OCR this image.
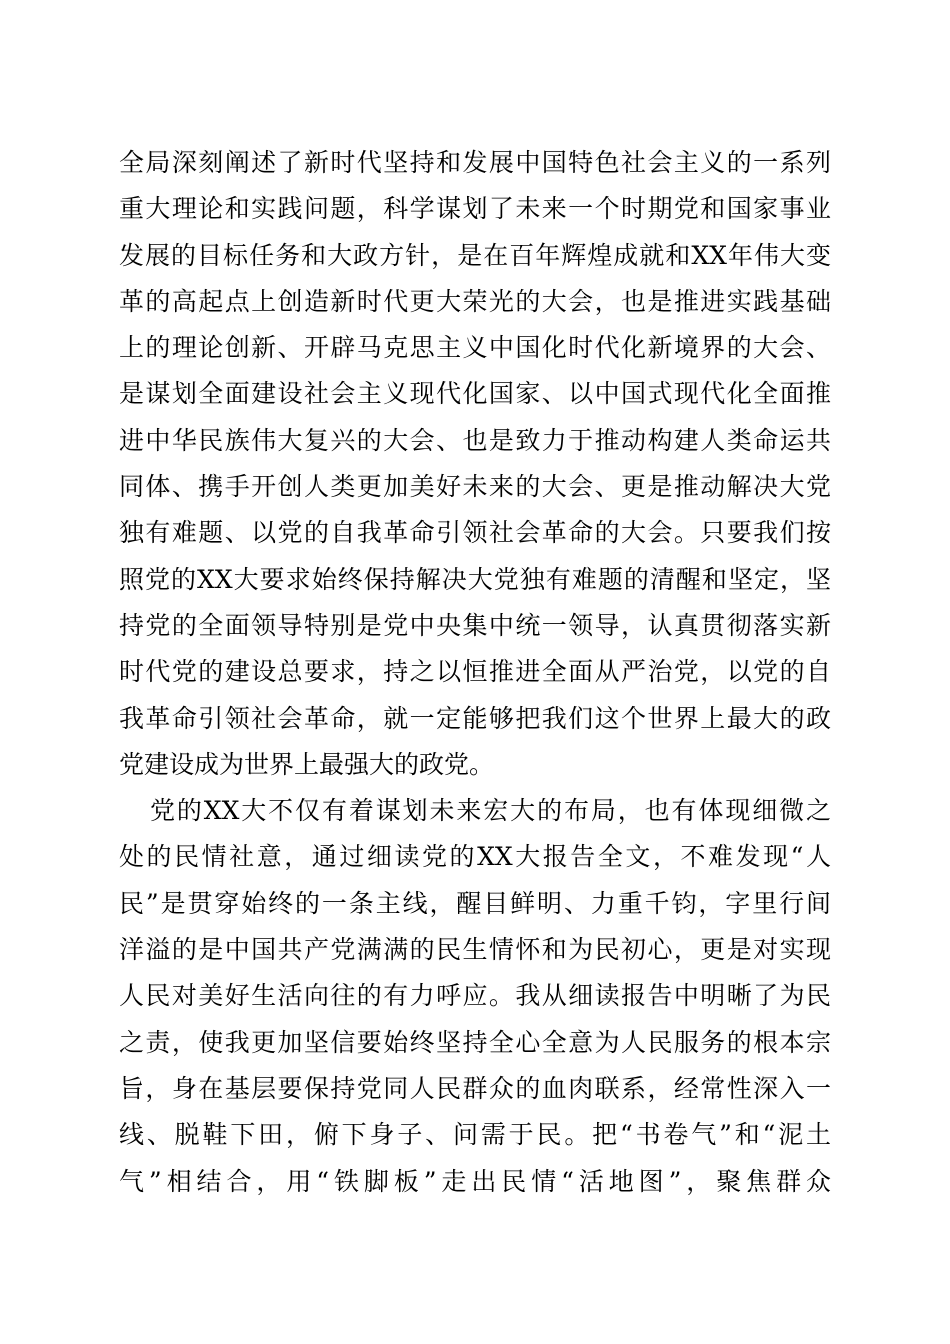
全局深刻阐述了新时代坚持和发展中国特色社会主义的一系列
重大理论和实践问题，科学谋划了未来一个时期党和国家事业
发展的目标任务和大政方针，是在百年辉煌成就和XX年伟大变
革的高起点上创造新时代更大荣光的大会，也是推进实践基础
上的理论创新、开辟马克思主义中国化时代化新境界的大会、
是谋划全面建设社会主义现代化国家、以中国式现代化全面推
进中华民族伟大复兴的大会、也是致力于推动构建人类命运共
同体、携手开创人类更加美好未来的大会、更是推动解决大党
独有难题、以党的自我革命引领社会革命的大会。只要我们按
照党的XX大要求始终保持解决大党独有难题的清醒和坚定，坚
持党的全面领导特别是党中央集中统一领导，认真贯彻落实新
时代党的建设总要求，持之以恒推进全面从严治党，以党的自
我革命引领社会革命，就一定能够把我们这个世界上最大的政
党建设成为世界上最强大的政党。
党的XX大不仅有着谋划未来宏大的布局，也有体现细微之
处的民情社意，通过细读党的XX大报告全文，不难发现“人
民”是贯穿始终的一条主线，醒目鲜明、力重千钧，字里行间
洋溢的是中国共产党满满的民生情怀和为民初心，更是对实现
人民对美好生活向往的有力呼应。我从细读报告中明晰了为民
之责，使我更加坚信要始终坚持全心全意为人民服务的根本宗
旨，身在基层要保持党同人民群众的血肉联系，经常性深入一
线、脱鞋下田，俯下身子、问需于民。把“书卷气”和“泥土
气”相结合，用“铁脚板”走出民情“活地图”，聚焦群众
